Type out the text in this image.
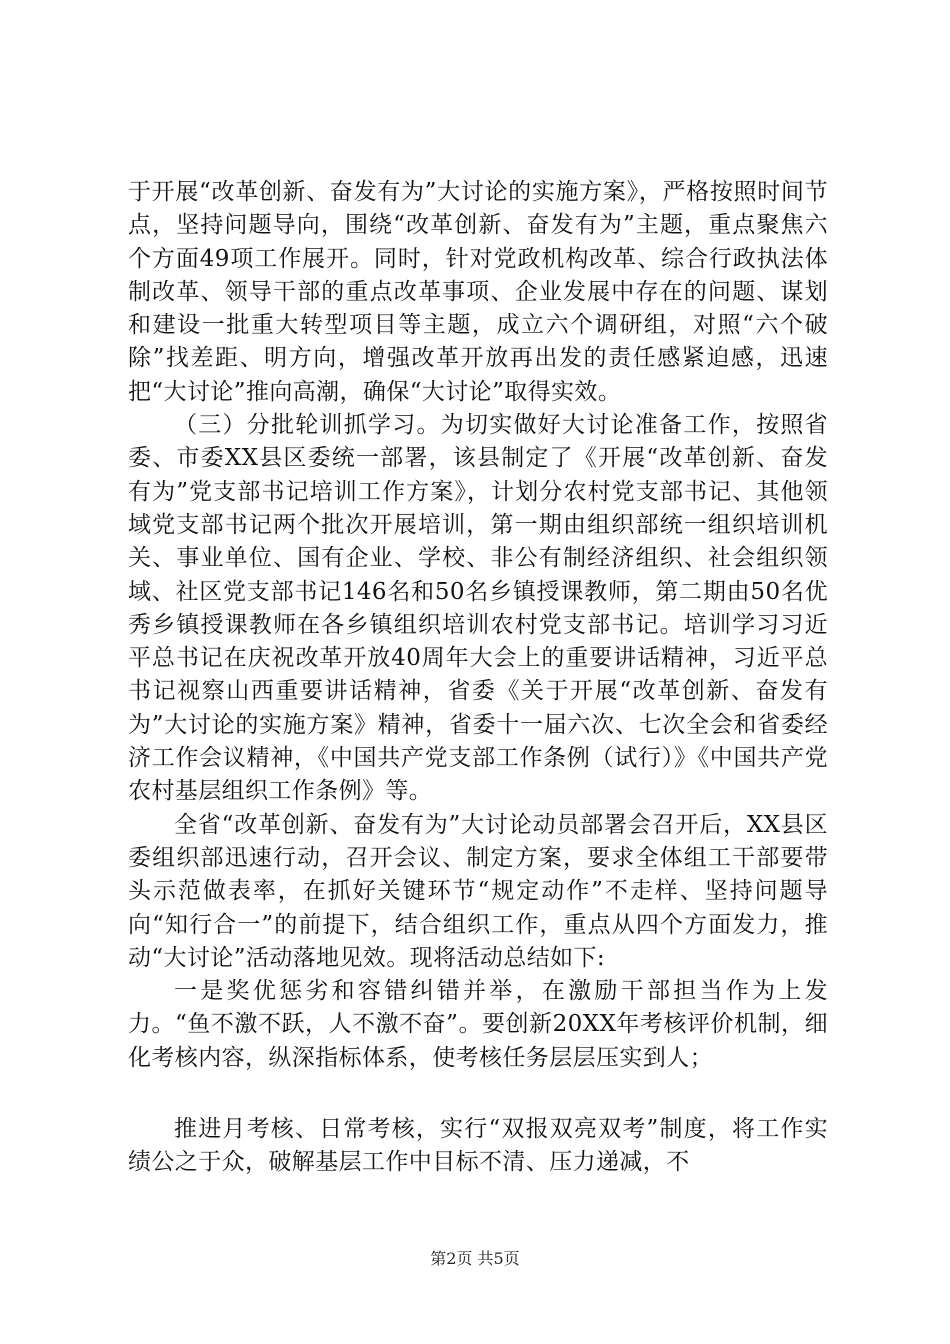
于开展“改革创新、奋发有为”大讨论的实施方案》，严格按照时间节点，坚持问题导向，围绕“改革创新、奋发有为”主题，重点聚焦六个方面49项工作展开。同时，针对党政机构改革、综合行政执法体制改革、领导干部的重点改革事项、企业发展中存在的问题、谋划和建设一批重大转型项目等主题，成立六个调研组，对照“六个破除”找差距、明方向，增强改革开放再出发的责任感紧迫感，迅速把“大讨论”推向高潮，确保“大讨论”取得实效。

（三）分批轮训抓学习。为切实做好大讨论准备工作，按照省委、市委XX县区委统一部署，该县制定了《开展“改革创新、奋发有为”党支部书记培训工作方案》，计划分农村党支部书记、其他领域党支部书记两个批次开展培训，第一期由组织部统一组织培训机关、事业单位、国有企业、学校、非公有制经济组织、社会组织领域、社区党支部书记146名和50名乡镇授课教师，第二期由50名优秀乡镇授课教师在各乡镇组织培训农村党支部书记。培训学习习近平总书记在庆祝改革开放40周年大会上的重要讲话精神，习近平总书记视察山西重要讲话精神，省委《关于开展“改革创新、奋发有为”大讨论的实施方案》精神，省委十一届六次、七次全会和省委经济工作会议精神，《中国共产党支部工作条例（试行）》《中国共产党农村基层组织工作条例》等。

全省“改革创新、奋发有为”大讨论动员部署会召开后，XX县区委组织部迅速行动，召开会议、制定方案，要求全体组工干部要带头示范做表率，在抓好关键环节“规定动作”不走样、坚持问题导向“知行合一”的前提下，结合组织工作，重点从四个方面发力，推动“大讨论”活动落地见效。现将活动总结如下:

一是奖优惩劣和容错纠错并举，在激励干部担当作为上发力。“鱼不激不跃，人不激不奋”。要创新20XX年考核评价机制，细化考核内容，纵深指标体系，使考核任务层层压实到人；

推进月考核、日常考核，实行“双报双亮双考”制度，将工作实绩公之于众，破解基层工作中目标不清、压力递减，不

第2页 共5页
